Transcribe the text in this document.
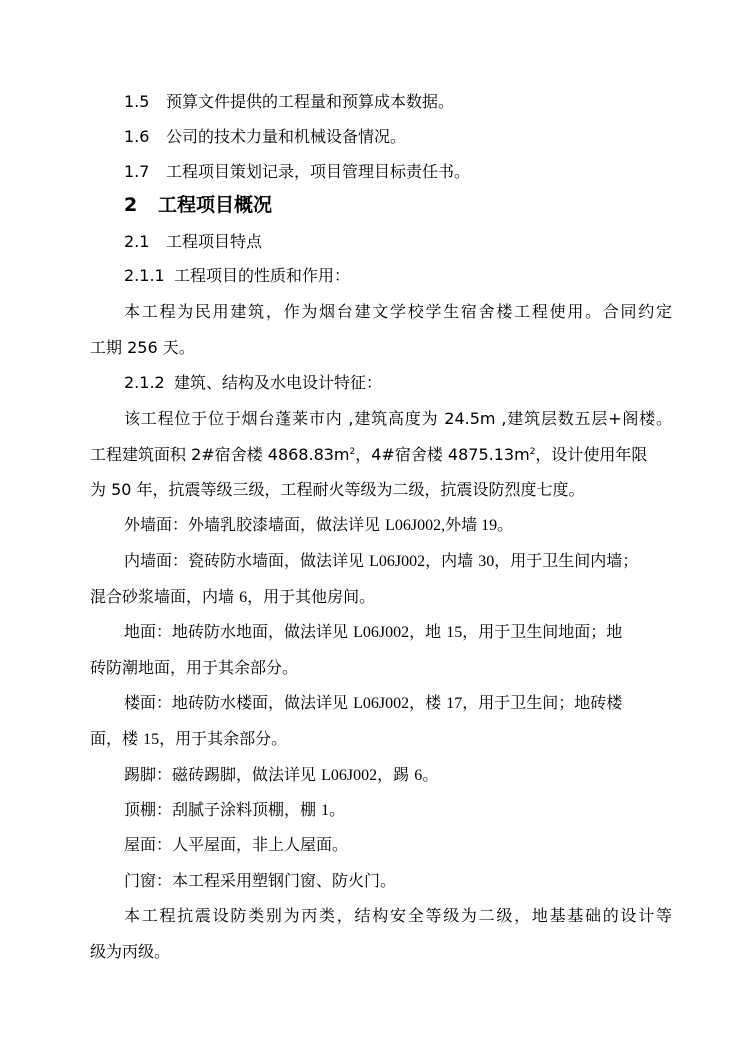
1.5 预算文件提供的工程量和预算成本数据。
1.6 公司的技术力量和机械设备情况。
1.7 工程项目策划记录，项目管理目标责任书。
2 工程项目概况
2.1 工程项目特点
2.1.1 工程项目的性质和作用：
本工程为民用建筑，作为烟台建文学校学生宿舍楼工程使用。合同约定
工期 256 天。
2.1.2 建筑、结构及水电设计特征：
该工程位于位于烟台蓬莱市内 ,建筑高度为 24.5m ,建筑层数五层+阁楼。
工程建筑面积 2#宿舍楼 $4868.83m^2$，4#宿舍楼 $4875.13m^2$，设计使用年限
为 50 年，抗震等级三级，工程耐火等级为二级，抗震设防烈度七度。
外墙面：外墙乳胶漆墙面，做法详见 L06J002,外墙 19。
内墙面：瓷砖防水墙面，做法详见 L06J002，内墙 30，用于卫生间内墙；
混合砂浆墙面，内墙 6，用于其他房间。
地面：地砖防水地面，做法详见 L06J002，地 15，用于卫生间地面；地
砖防潮地面，用于其余部分。
楼面：地砖防水楼面，做法详见 L06J002，楼 17，用于卫生间；地砖楼
面，楼 15，用于其余部分。
踢脚：磁砖踢脚，做法详见 L06J002，踢 6。
顶棚：刮腻子涂料顶棚，棚 1。
屋面：人平屋面，非上人屋面。
门窗：本工程采用塑钢门窗、防火门。
本工程抗震设防类别为丙类，结构安全等级为二级，地基基础的设计等
级为丙级。
